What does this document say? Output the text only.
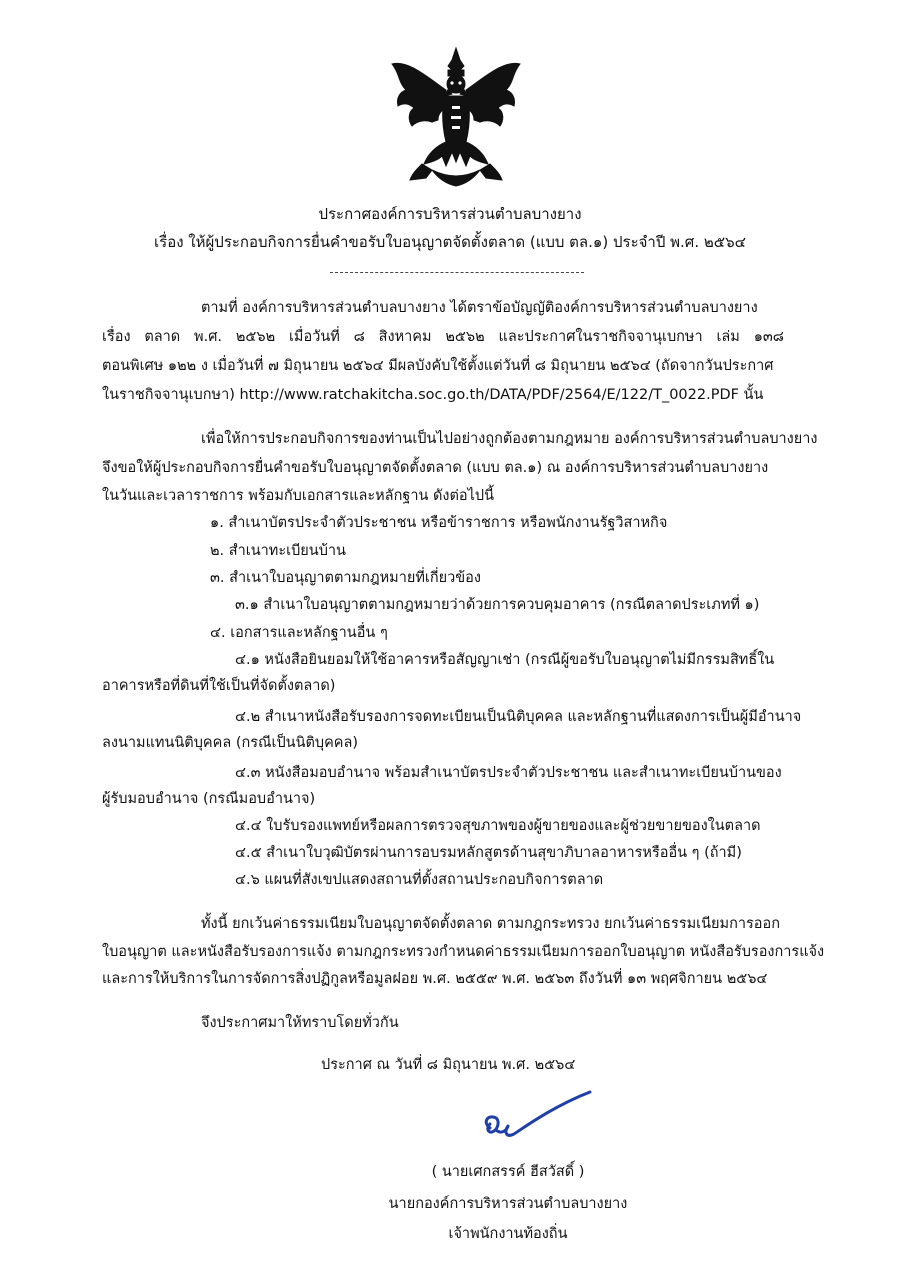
ประกาศองค์การบริหารส่วนตำบลบางยาง
เรื่อง ให้ผู้ประกอบกิจการยื่นคำขอรับใบอนุญาตจัดตั้งตลาด (แบบ ตล.๑) ประจำปี พ.ศ. ๒๕๖๔
ตามที่ องค์การบริหารส่วนตำบลบางยาง ได้ตราข้อบัญญัติองค์การบริหารส่วนตำบลบางยาง
เรื่อง ตลาด พ.ศ. ๒๕๖๒ เมื่อวันที่ ๘ สิงหาคม ๒๕๖๒ และประกาศในราชกิจจานุเบกษา เล่ม ๑๓๘
ตอนพิเศษ ๑๒๒ ง เมื่อวันที่ ๗ มิถุนายน ๒๕๖๔ มีผลบังคับใช้ตั้งแต่วันที่ ๘ มิถุนายน ๒๕๖๔ (ถัดจากวันประกาศ
ในราชกิจจานุเบกษา) http://www.ratchakitcha.soc.go.th/DATA/PDF/2564/E/122/T_0022.PDF นั้น
เพื่อให้การประกอบกิจการของท่านเป็นไปอย่างถูกต้องตามกฎหมาย องค์การบริหารส่วนตำบลบางยาง
จึงขอให้ผู้ประกอบกิจการยื่นคำขอรับใบอนุญาตจัดตั้งตลาด (แบบ ตล.๑) ณ องค์การบริหารส่วนตำบลบางยาง
ในวันและเวลาราชการ พร้อมกับเอกสารและหลักฐาน ดังต่อไปนี้
๑. สำเนาบัตรประจำตัวประชาชน หรือข้าราชการ หรือพนักงานรัฐวิสาหกิจ
๒. สำเนาทะเบียนบ้าน
๓. สำเนาใบอนุญาตตามกฎหมายที่เกี่ยวข้อง
๓.๑ สำเนาใบอนุญาตตามกฎหมายว่าด้วยการควบคุมอาคาร (กรณีตลาดประเภทที่ ๑)
๔. เอกสารและหลักฐานอื่น ๆ
๔.๑ หนังสือยินยอมให้ใช้อาคารหรือสัญญาเช่า (กรณีผู้ขอรับใบอนุญาตไม่มีกรรมสิทธิ์ใน
อาคารหรือที่ดินที่ใช้เป็นที่จัดตั้งตลาด)
๔.๒ สำเนาหนังสือรับรองการจดทะเบียนเป็นนิติบุคคล และหลักฐานที่แสดงการเป็นผู้มีอำนาจ
ลงนามแทนนิติบุคคล (กรณีเป็นนิติบุคคล)
๔.๓ หนังสือมอบอำนาจ พร้อมสำเนาบัตรประจำตัวประชาชน และสำเนาทะเบียนบ้านของ
ผู้รับมอบอำนาจ (กรณีมอบอำนาจ)
๔.๔ ใบรับรองแพทย์หรือผลการตรวจสุขภาพของผู้ขายของและผู้ช่วยขายของในตลาด
๔.๕ สำเนาใบวุฒิบัตรผ่านการอบรมหลักสูตรด้านสุขาภิบาลอาหารหรืออื่น ๆ (ถ้ามี)
๔.๖ แผนที่สังเขปแสดงสถานที่ตั้งสถานประกอบกิจการตลาด
ทั้งนี้ ยกเว้นค่าธรรมเนียมใบอนุญาตจัดตั้งตลาด ตามกฎกระทรวง ยกเว้นค่าธรรมเนียมการออก
ใบอนุญาต และหนังสือรับรองการแจ้ง ตามกฎกระทรวงกำหนดค่าธรรมเนียมการออกใบอนุญาต หนังสือรับรองการแจ้ง
และการให้บริการในการจัดการสิ่งปฏิกูลหรือมูลฝอย พ.ศ. ๒๕๕๙ พ.ศ. ๒๕๖๓ ถึงวันที่ ๑๓ พฤศจิกายน ๒๕๖๔
จึงประกาศมาให้ทราบโดยทั่วกัน
ประกาศ ณ วันที่ ๘ มิถุนายน พ.ศ. ๒๕๖๔
( นายเศกสรรค์ ฮีสวัสดิ์ )
นายกองค์การบริหารส่วนตำบลบางยาง
เจ้าพนักงานท้องถิ่น
